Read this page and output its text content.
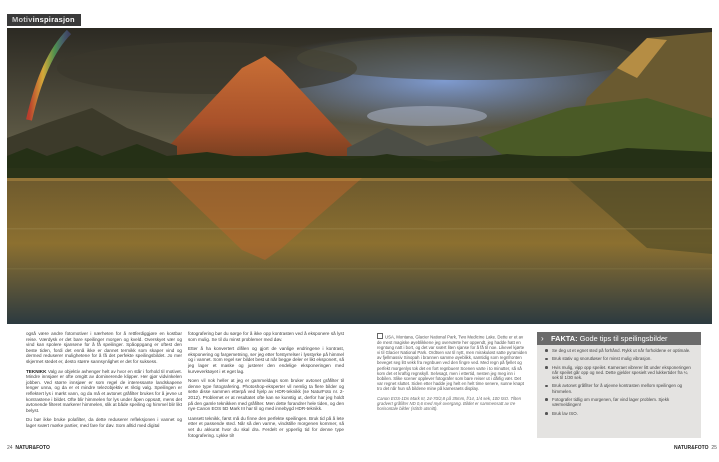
Motivinspirasjon

også være andre fotomotiver i nærheten for å rettferdiggjøre en kostbar reise. Værdysk er det bare speilinger morgen og kveld. Overskyet vær og vind kan spolere sjansene for å få speilinger. Spåoppgang er oftest den beste tiden, fordi det ennå ikke er dannet termikk som skaper vind og dermed reduserer mulighetene for å få det perfekte speilingsbildet. Jo mer skjermet stedet er, desto større sannsynlighet er det for suksess.

TEKNIKK Valg av objektiv avhenger helt av hvor en står i forhold til motivet. Mindre innsjøer er ofte omgitt av dominerende klipper. Her gjør vidvinkelen jobben. Ved større innsjøer er som regel de interessante landskapene lenger unna, og da er et mindre telezobjektiv et riktig valg. Speilingen er reflektert lys i mørkt vann, og da må et avtonet gråfilter brukes for å jevne ut kontrastene i bildet. Ofte blir himmelen for lys under åpen oppsatt, mens det avtonende filteret markerer himmelen, slik at både speiling og himmel blir likt belyst.

Du bør ikke bruke polafilter, da dette reduserer refleksjonen i vannet og lager svært mørke partier, med fare for døv. Som alltid med digital

fotografering bør du sørge for å ikke opp kontrasten ved å eksponere så lyst som mulig. Se til du minst problemer med døv.

Etter å ha konvertert difilen og gjort de vanlige endringene i kontrast, eksponering og fargemetning, ser jeg etter forstyrrelser i lysstyrke på himmel og i vannet. Som regel ser bildet best ut når begge deler er likt eksponert, så jeg lager et maske og justerer den endelige eksponeringen med kurveverktøyet i et eget lag.

Noen vil nok heller at jeg er gammeldags som bruker avtonet gråfilter til denne type fotografering. Photoshop-eksperter vil nemlig ta flere bilder og sette disse sammen etterpå ved hjelp av HDR-teknikk (se NaturFoto nr. 2-2012). Problemet er at resultatet ofte kan se kunstig ut, derfor har jeg holdt på den gamle teknikken med gråfilter. Men dette forandrer hele tiden, og den nye Canon EOS 5D Mark III har til og med innebygd HDR-teknikk.

Uansett teknikk, først må du finne den perfekte speilingen. Bruk tid på å lete etter et passende sted. Når så den varme, vindstille morgenen kommer, så vet du akkurat hvor du skal dra. Ferdelt er ypperlig tid for denne type fotografering. Lykke til!

USA, Montana, Glacier National Park, Two Medicine Lake. Dette er et av de mest magiske øyeblikkene jeg overværte her oppendt, jeg hadde hatt en regntung natt i bort, og det var svært liten sjanse for å få til noe. Likevel kjørte vi til Glacier National Park. Ordtsen var til nytt, men mirakuløst satte pyramiden av fjellmassiv Sinopah i brannen samme øyeblikk, samtidig som regnfronten beveget seg litt vekk fra regnbuen ved den fingre ved. Med regn på fjellet og perfekt morgenlys tok det en fort regnbuen! Scenen varte i to minutter, så så kom det et kraftig regnskyll. Selvsagt, men i ettertid, nesten jeg meg inn i bobilen. Slike scener opplever fotografer som bare reiser ut i dårlig vær. Det var regnet sluttet. Siden etter hadde jeg helt en helt time senere, sunne knapt tro det når hun så bildene mine på kameraets display.

Canon EOS-1Ds Mark III, 24-70/2,8 på 35mm, f/14, 1/4 sek, 100 ISO. Tilten gradvert gråfilter ND 0,6 med myk overgang. Bildet er sammensatt av tre horisontale bilder (stitch utsnitt).

› FAKTA: Gode tips til speilingsbilder
Se deg ut et egnet sted på forhånd. Rykk ut når forholdene er optimale.
Bruk stativ og snorutløser for minst mulig vibrasjon.
Hvis mulig, vipp opp speilet. Kameraet vibrerer litt under eksponeringen når speilet går opp og ned. Dette gjelder spesielt ved lukkertider fra ¼ sek til 1/30 sek.
Bruk avtonet gråfilter for å utjevne kontrasten mellom speilingen og himmelen.
Fotografer tidlig om morgenen, før vind lager problem. Sjekk værmeldingen!
Bruk lav ISO.
24 NATUR&FOTO	NATUR&FOTO 25
